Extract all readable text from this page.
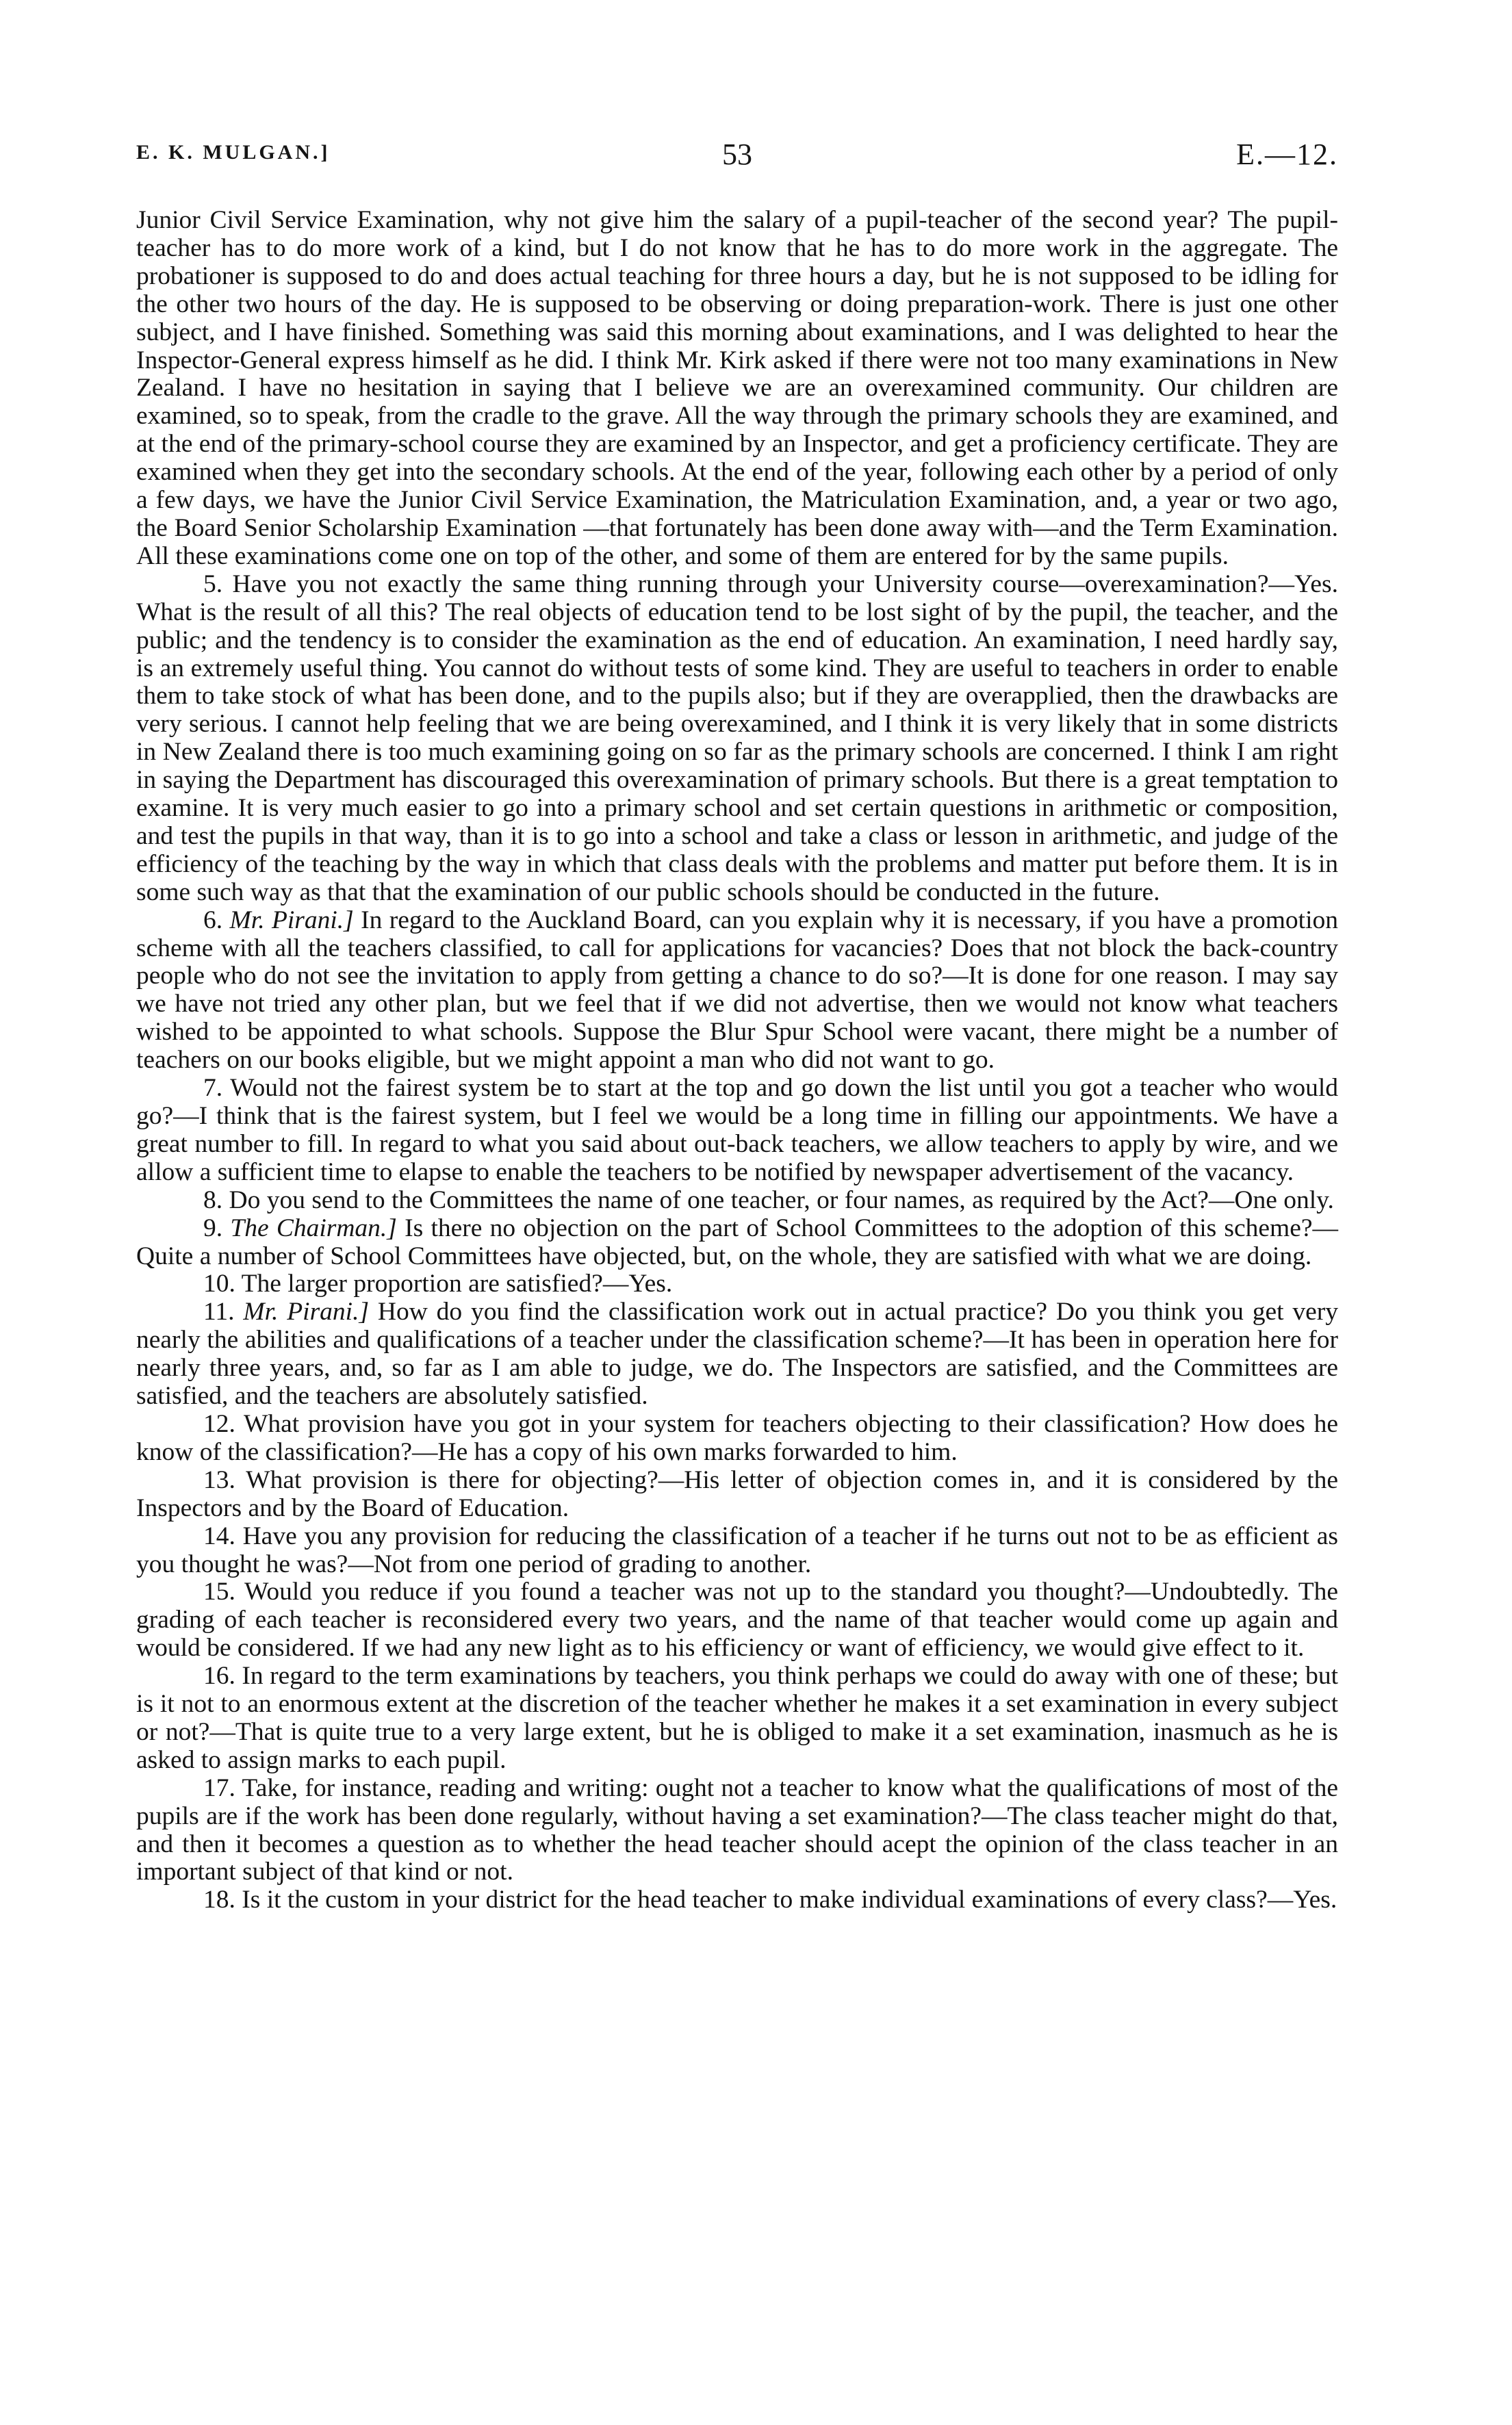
E. K. MULGAN.]	53	E.—12.

Junior Civil Service Examination, why not give him the salary of a pupil-teacher of the second year? The pupil-teacher has to do more work of a kind, but I do not know that he has to do more work in the aggregate. The probationer is supposed to do and does actual teaching for three hours a day, but he is not supposed to be idling for the other two hours of the day. He is supposed to be observing or doing preparation-work. There is just one other subject, and I have finished. Something was said this morning about examinations, and I was delighted to hear the Inspector-General express himself as he did. I think Mr. Kirk asked if there were not too many examinations in New Zealand. I have no hesitation in saying that I believe we are an overexamined community. Our children are examined, so to speak, from the cradle to the grave. All the way through the primary schools they are examined, and at the end of the primary-school course they are examined by an Inspector, and get a proficiency certificate. They are examined when they get into the secondary schools. At the end of the year, following each other by a period of only a few days, we have the Junior Civil Service Examination, the Matriculation Examination, and, a year or two ago, the Board Senior Scholarship Examination —that fortunately has been done away with—and the Term Examination. All these examinations come one on top of the other, and some of them are entered for by the same pupils.

5. Have you not exactly the same thing running through your University course—overexamination?—Yes. What is the result of all this? The real objects of education tend to be lost sight of by the pupil, the teacher, and the public; and the tendency is to consider the examination as the end of education. An examination, I need hardly say, is an extremely useful thing. You cannot do without tests of some kind. They are useful to teachers in order to enable them to take stock of what has been done, and to the pupils also; but if they are overapplied, then the drawbacks are very serious. I cannot help feeling that we are being overexamined, and I think it is very likely that in some districts in New Zealand there is too much examining going on so far as the primary schools are concerned. I think I am right in saying the Department has discouraged this overexamination of primary schools. But there is a great temptation to examine. It is very much easier to go into a primary school and set certain questions in arithmetic or composition, and test the pupils in that way, than it is to go into a school and take a class or lesson in arithmetic, and judge of the efficiency of the teaching by the way in which that class deals with the problems and matter put before them. It is in some such way as that that the examination of our public schools should be conducted in the future.

6. Mr. Pirani.] In regard to the Auckland Board, can you explain why it is necessary, if you have a promotion scheme with all the teachers classified, to call for applications for vacancies? Does that not block the back-country people who do not see the invitation to apply from getting a chance to do so?—It is done for one reason. I may say we have not tried any other plan, but we feel that if we did not advertise, then we would not know what teachers wished to be appointed to what schools. Suppose the Blur Spur School were vacant, there might be a number of teachers on our books eligible, but we might appoint a man who did not want to go.

7. Would not the fairest system be to start at the top and go down the list until you got a teacher who would go?—I think that is the fairest system, but I feel we would be a long time in filling our appointments. We have a great number to fill. In regard to what you said about out-back teachers, we allow teachers to apply by wire, and we allow a sufficient time to elapse to enable the teachers to be notified by newspaper advertisement of the vacancy.

8. Do you send to the Committees the name of one teacher, or four names, as required by the Act?—One only.

9. The Chairman.] Is there no objection on the part of School Committees to the adoption of this scheme?—Quite a number of School Committees have objected, but, on the whole, they are satisfied with what we are doing.

10. The larger proportion are satisfied?—Yes.

11. Mr. Pirani.] How do you find the classification work out in actual practice? Do you think you get very nearly the abilities and qualifications of a teacher under the classification scheme?—It has been in operation here for nearly three years, and, so far as I am able to judge, we do. The Inspectors are satisfied, and the Committees are satisfied, and the teachers are absolutely satisfied.

12. What provision have you got in your system for teachers objecting to their classification? How does he know of the classification?—He has a copy of his own marks forwarded to him.

13. What provision is there for objecting?—His letter of objection comes in, and it is considered by the Inspectors and by the Board of Education.

14. Have you any provision for reducing the classification of a teacher if he turns out not to be as efficient as you thought he was?—Not from one period of grading to another.

15. Would you reduce if you found a teacher was not up to the standard you thought?—Undoubtedly. The grading of each teacher is reconsidered every two years, and the name of that teacher would come up again and would be considered. If we had any new light as to his efficiency or want of efficiency, we would give effect to it.

16. In regard to the term examinations by teachers, you think perhaps we could do away with one of these; but is it not to an enormous extent at the discretion of the teacher whether he makes it a set examination in every subject or not?—That is quite true to a very large extent, but he is obliged to make it a set examination, inasmuch as he is asked to assign marks to each pupil.

17. Take, for instance, reading and writing: ought not a teacher to know what the qualifications of most of the pupils are if the work has been done regularly, without having a set examination?—The class teacher might do that, and then it becomes a question as to whether the head teacher should acept the opinion of the class teacher in an important subject of that kind or not.

18. Is it the custom in your district for the head teacher to make individual examinations of every class?—Yes.
